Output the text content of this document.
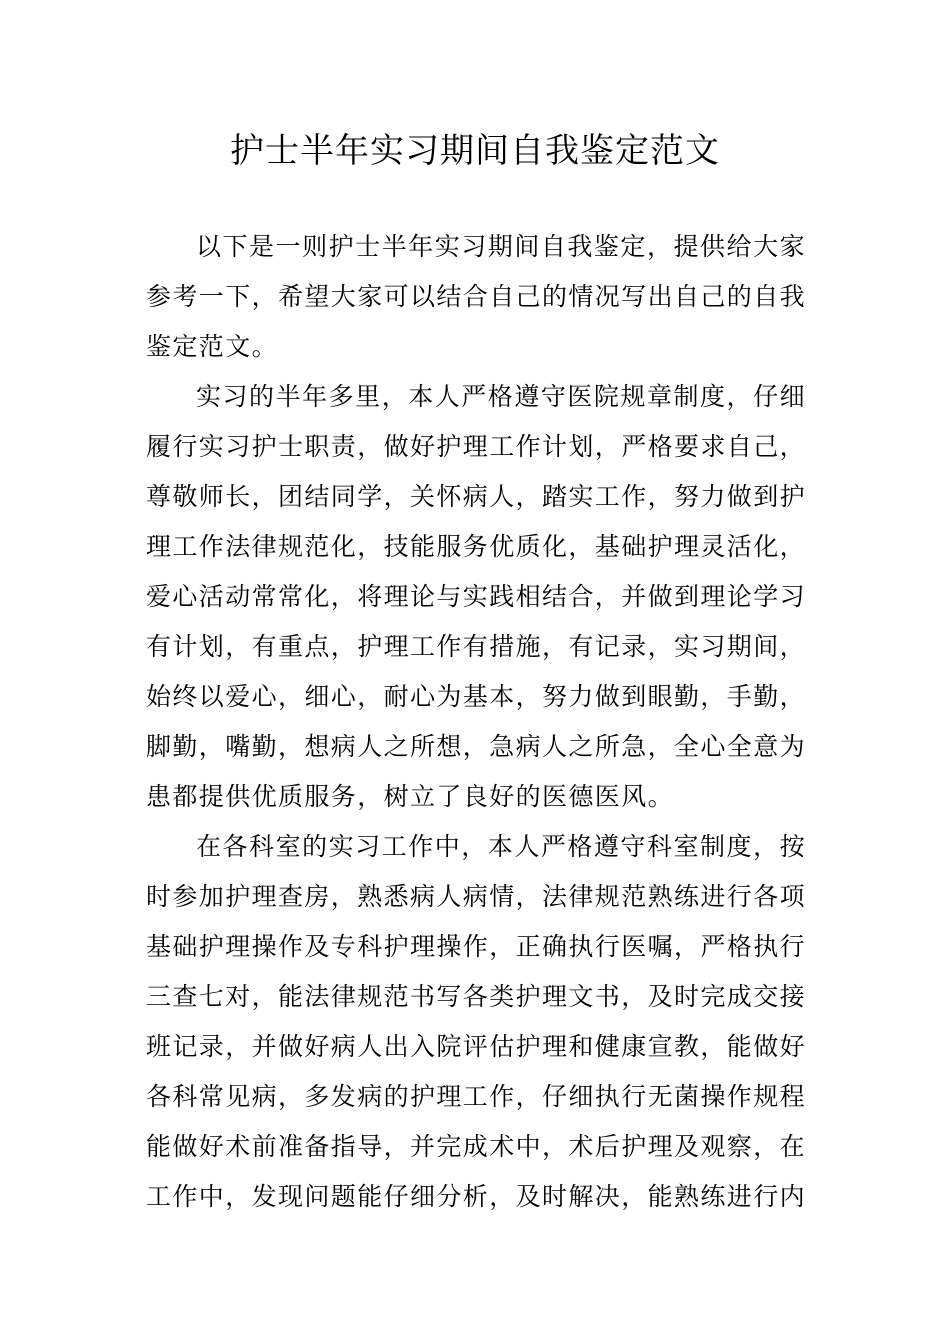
护士半年实习期间自我鉴定范文

以下是一则护士半年实习期间自我鉴定，提供给大家参考一下，希望大家可以结合自己的情况写出自己的自我鉴定范文。

实习的半年多里，本人严格遵守医院规章制度，仔细履行实习护士职责，做好护理工作计划，严格要求自己，尊敬师长，团结同学，关怀病人，踏实工作，努力做到护理工作法律规范化，技能服务优质化，基础护理灵活化，爱心活动常常化，将理论与实践相结合，并做到理论学习有计划，有重点，护理工作有措施，有记录，实习期间，始终以爱心，细心，耐心为基本，努力做到眼勤，手勤，脚勤，嘴勤，想病人之所想，急病人之所急，全心全意为患都提供优质服务，树立了良好的医德医风。

在各科室的实习工作中，本人严格遵守科室制度，按时参加护理查房，熟悉病人病情，法律规范熟练进行各项基础护理操作及专科护理操作，正确执行医嘱，严格执行三查七对，能法律规范书写各类护理文书，及时完成交接班记录，并做好病人出入院评估护理和健康宣教，能做好各科常见病，多发病的护理工作，仔细执行无菌操作规程能做好术前准备指导，并完成术中，术后护理及观察，在工作中，发现问题能仔细分析，及时解决，能熟练进行内
